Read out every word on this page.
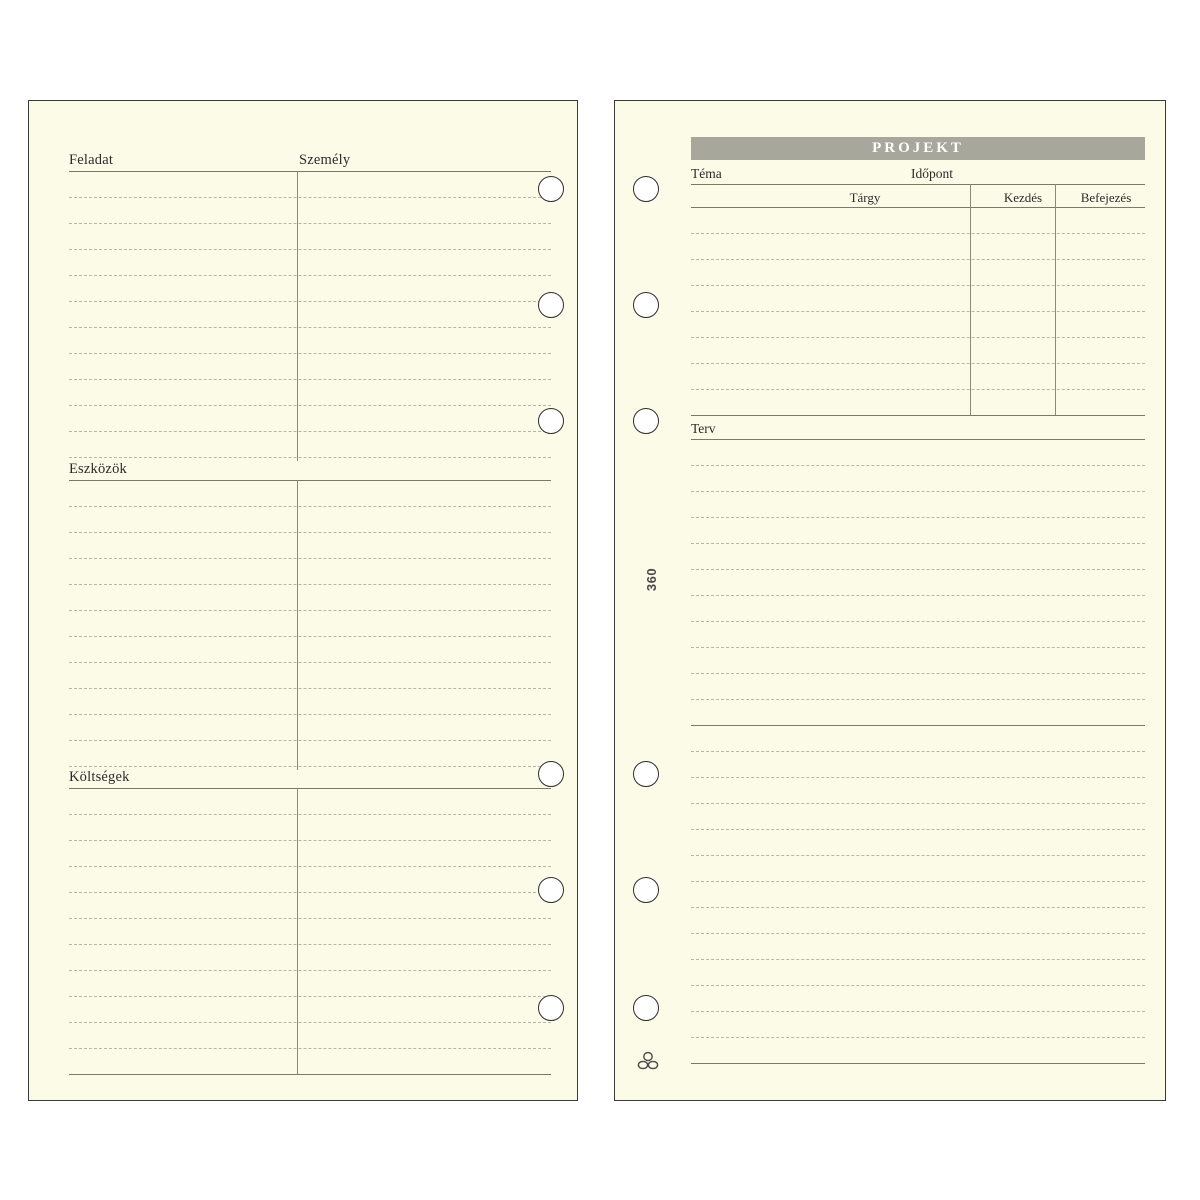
Feladat	Személy
Eszközök
Költségek
PROJEKT
Téma	Időpont
Tárgy	Kezdés	Befejezés
Terv
360
